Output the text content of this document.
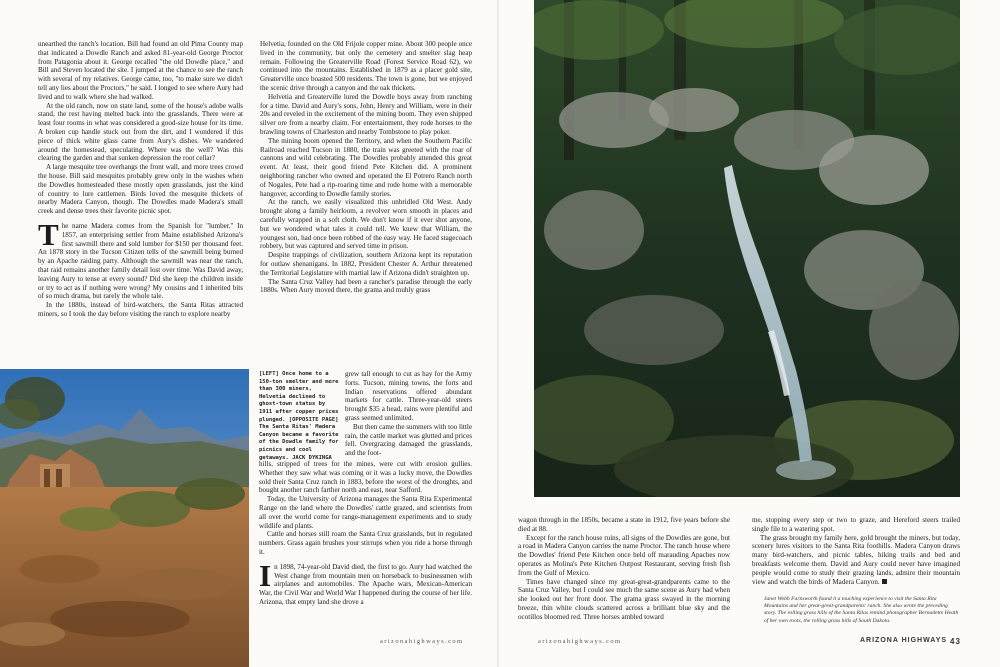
unearthed the ranch's location. Bill had found an old Pima County map that indicated a Dowdle Ranch and asked 81-year-old George Proctor from Patagonia about it. George recalled "the old Dowdle place," and Bill and Steven located the site. I jumped at the chance to see the ranch with several of my relatives. George came, too, "to make sure we didn't tell any lies about the Proctors," he said. I longed to see where Aury had lived and to walk where she had walked.

At the old ranch, now on state land, some of the house's adobe walls stand, the rest having melted back into the grasslands. There were at least four rooms in what was considered a good-size house for its time. A broken cup handle stuck out from the dirt, and I wondered if this piece of thick white glass came from Aury's dishes. We wandered around the homestead, speculating. Where was the well? Was this clearing the garden and that sunken depression the root cellar?

A large mesquite tree overhangs the front wall, and more trees crowd the house. Bill said mesquites probably grew only in the washes when the Dowdles homesteaded these mostly open grasslands, just the kind of country to lure cattlemen. Birds loved the mesquite thickets of nearby Madera Canyon, though. The Dowdles made Madera's small creek and dense trees their favorite picnic spot.

The name Madera comes from the Spanish for "lumber." In 1857, an enterprising settler from Maine established Arizona's first sawmill there and sold lumber for $150 per thousand feet. An 1878 story in the Tucson Citizen tells of the sawmill being burned by an Apache raiding party. Although the sawmill was near the ranch, that raid remains another family detail lost over time. Was David away, leaving Aury to tense at every sound? Did she keep the children inside or try to act as if nothing were wrong? My cousins and I inherited bits of so much drama, but rarely the whole tale.

In the 1880s, instead of bird-watchers, the Santa Ritas attracted miners, so I took the day before visiting the ranch to explore nearby

Helvetia, founded on the Old Frijole copper mine. About 300 people once lived in the community, but only the cemetery and smelter slag heap remain. Following the Greaterville Road (Forest Service Road 62), we continued into the mountains. Established in 1879 as a placer gold site, Greaterville once boasted 500 residents. The town is gone, but we enjoyed the scenic drive through a canyon and the oak thickets.

Helvetia and Greaterville lured the Dowdle boys away from ranching for a time. David and Aury's sons, John, Henry and William, were in their 20s and reveled in the excitement of the mining boom. They even shipped silver ore from a nearby claim. For entertainment, they rode horses to the brawling towns of Charleston and nearby Tombstone to play poker.

The mining boom opened the Territory, and when the Southern Pacific Railroad reached Tucson in 1880, the train was greeted with the roar of cannons and wild celebrating. The Dowdles probably attended this great event. At least, their good friend Pete Kitchen did. A prominent neighboring rancher who owned and operated the El Potrero Ranch north of Nogales, Pete had a rip-roaring time and rode home with a memorable hangover, according to Dowdle family stories.

At the ranch, we easily visualized this unbridled Old West. Andy brought along a family heirloom, a revolver worn smooth in places and carefully wrapped in a soft cloth. We don't know if it ever shot anyone, but we wondered what tales it could tell. We knew that William, the youngest son, had once been robbed of the easy way. He faced stagecoach robbery, but was captured and served time in prison.

Despite trappings of civilization, southern Arizona kept its reputation for outlaw shenanigans. In 1882, President Chester A. Arthur threatened the Territorial Legislature with martial law if Arizona didn't straighten up.

The Santa Cruz Valley had been a rancher's paradise through the early 1880s. When Aury moved there, the grama and muhly grass

[LEFT] Once home to a 150-ton smelter and more than 300 miners, Helvetia declined to ghost-town status by 1911 after copper prices plunged. [OPPOSITE PAGE] The Santa Ritas' Madera Canyon became a favorite of the Dowdle family for picnics and cool getaways. JACK DYKINGA

grew tall enough to cut as hay for the Army forts. Tucson, mining towns, the forts and Indian reservations offered abundant markets for cattle. Three-year-old steers brought $35 a head, rains were plentiful and grass seemed unlimited.

But then came the summers with too little rain, the cattle market was glutted and prices fell. Overgrazing damaged the grasslands, and the foot-

hills, stripped of trees for the mines, were cut with erosion gullies. Whether they saw what was coming or it was a lucky move, the Dowdles sold their Santa Cruz ranch in 1883, before the worst of the droughts, and bought another ranch farther north and east, near Safford.

Today, the University of Arizona manages the Santa Rita Experimental Range on the land where the Dowdles' cattle grazed, and scientists from all over the world come for range-management experiments and to study wildlife and plants.

Cattle and horses still roam the Santa Cruz grasslands, but in regulated numbers. Grass again brushes your stirrups when you ride a horse through it.

In 1898, 74-year-old David died, the first to go. Aury had watched the West change from mountain men on horseback to businessmen with airplanes and automobiles. The Apache wars, Mexican-American War, the Civil War and World War I happened during the course of her life. Arizona, that empty land she drove a

arizonahighways.com

wagon through in the 1850s, became a state in 1912, five years before she died at 88.

Except for the ranch house ruins, all signs of the Dowdles are gone, but a road in Madera Canyon carries the name Proctor. The ranch house where the Dowdles' friend Pete Kitchen once held off marauding Apaches now operates as Molina's Pete Kitchen Outpost Restaurant, serving fresh fish from the Gulf of Mexico.

Times have changed since my great-great-grandparents came to the Santa Cruz Valley, but I could see much the same scene as Aury had when she looked out her front door. The grama grass swayed in the morning breeze, thin white clouds scattered across a brilliant blue sky and the ocotillos bloomed red. Three horses ambled toward

me, stopping every step or two to graze, and Hereford steers trailed single file to a watering spot.

The grass brought my family here, gold brought the miners, but today, scenery lures visitors to the Santa Rita foothills. Madera Canyon draws many bird-watchers, and picnic tables, hiking trails and bed and breakfasts welcome them. David and Aury could never have imagined people would come to study their grazing lands, admire their mountain view and watch the birds of Madera Canyon.

Janet Webb Farnsworth found it a touching experience to visit the Santa Rita Mountains and her great-great-grandparents' ranch. She also wrote the preceding story. The rolling grass hills of the Santa Ritas remind photographer Bernadette Heath of her own roots, the rolling grass hills of South Dakota.
arizonahighways.com	ARIZONA HIGHWAYS 43
